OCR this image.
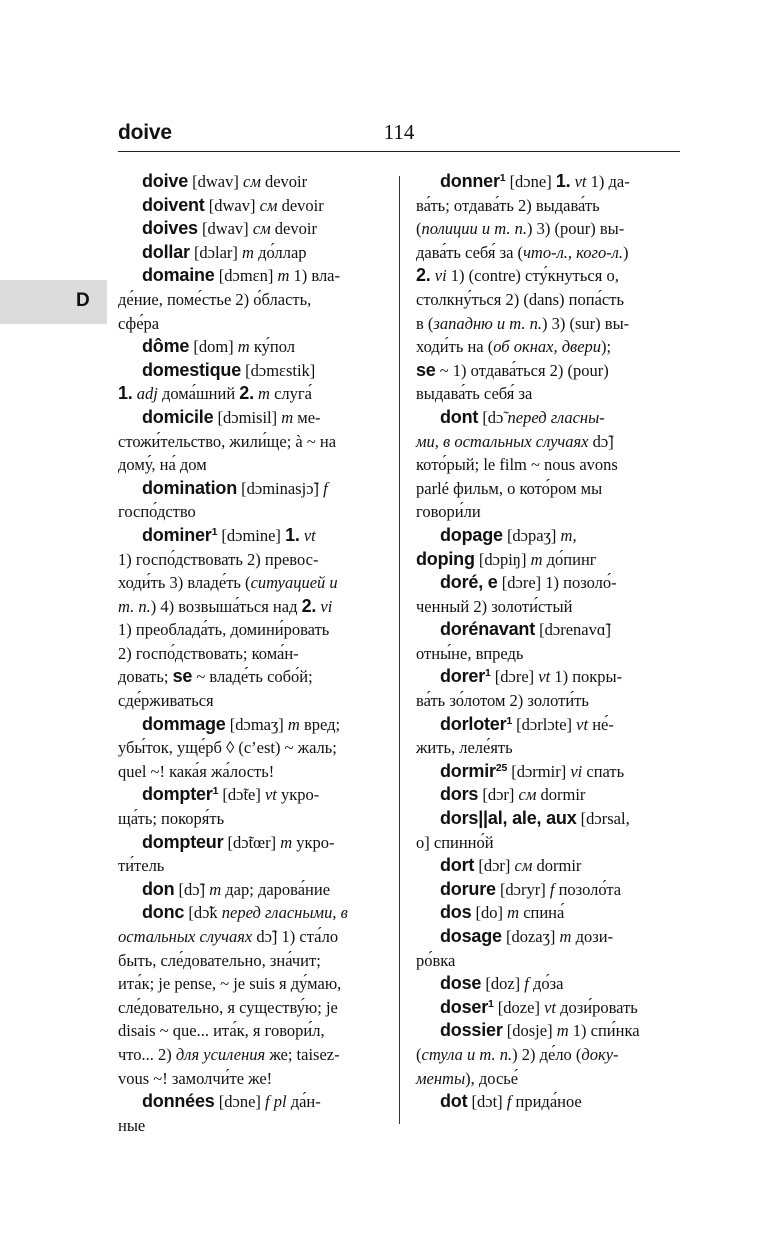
doive	114
D
doive [dwav] см devoir
doivent [dwav] см devoir
doives [dwav] см devoir
dollar [dɔlar] m до́ллар
domaine [dɔmɛn] m 1) вла-
де́ние, поме́стье 2) о́бласть,
сфе́ра
dôme [dom] m ку́пол
domestique [dɔmɛstik]
1. adj дома́шний 2. m слуга́
domicile [dɔmisil] m ме-
стожи́тельство, жили́ще; à ~ на
дому́, на́ дом
domination [dɔminasjɔ̃] f
госпо́дство
dominer$^1$ [dɔmine] 1. vt
1) госпо́дствовать 2) превос-
ходи́ть 3) владе́ть (ситуацией и
т. п.) 4) возвыша́ться над 2. vi
1) преоблада́ть, домини́ровать
2) госпо́дствовать; кома́н-
довать; se ~ владе́ть собо́й;
сде́рживаться
dommage [dɔmaʒ] m вред;
убы́ток, уще́рб ◊ (c’est) ~ жаль;
quel ~! кака́я жа́лость!
dompter$^1$ [dɔ̃te] vt укро-
ща́ть; покоря́ть
dompteur [dɔ̃tœr] m укро-
ти́тель
don [dɔ̃] m дар; дарова́ние
donc [dɔ̃k перед гласными, в
остальных случаях dɔ̃] 1) ста́ло
быть, сле́довательно, зна́чит;
ита́к; je pense, ~ je suis я ду́маю,
сле́довательно, я существу́ю; je
disais ~ que... ита́к, я говори́л,
что... 2) для усиления же; taisez-
vous ~! замолчи́те же!
données [dɔne] f pl да́н-
ные
donner$^1$ [dɔne] 1. vt 1) да-
ва́ть; отдава́ть 2) выдава́ть
(полиции и т. п.) 3) (pour) вы-
дава́ть себя́ за (что-л., кого-л.)
2. vi 1) (contre) сту́кнуться о,
столкну́ться 2) (dans) попа́сть
в (западню и т. п.) 3) (sur) вы-
ходи́ть на (об окнах, двери);
se ~ 1) отдава́ться 2) (pour)
выдава́ть себя́ за
dont [dɔ̃ перед гласны-
ми, в остальных случаях dɔ̃]
кото́рый; le film ~ nous avons
parlé фильм, о кото́ром мы
говори́ли
dopage [dɔpaʒ] m,
doping [dɔpiŋ] m до́пинг
doré, e [dɔre] 1) позоло́-
ченный 2) золоти́стый
dorénavant [dɔrenavɑ̃]
отны́не, впредь
dorer$^1$ [dɔre] vt 1) покры-
ва́ть зо́лотом 2) золоти́ть
dorloter$^1$ [dɔrlɔte] vt не́-
жить, леле́ять
dormir$^{25}$ [dɔrmir] vi спать
dors [dɔr] см dormir
dors||al, ale, aux [dɔrsal,
o] спинно́й
dort [dɔr] см dormir
dorure [dɔryr] f позоло́та
dos [do] m спина́
dosage [dozaʒ] m дози-
ро́вка
dose [doz] f до́за
doser$^1$ [doze] vt дози́ровать
dossier [dosje] m 1) спи́нка
(стула и т. п.) 2) де́ло (доку-
менты), досье́
dot [dɔt] f прида́ное
